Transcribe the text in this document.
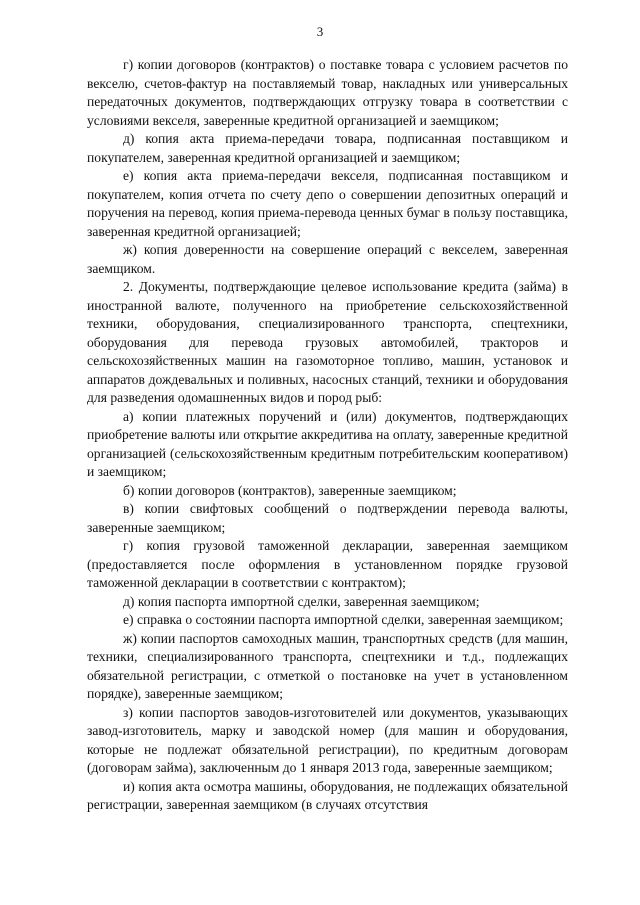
3

г) копии договоров (контрактов) о поставке товара с условием расчетов по векселю, счетов-фактур на поставляемый товар, накладных или универсальных передаточных документов, подтверждающих отгрузку товара в соответствии с условиями векселя, заверенные кредитной организацией и заемщиком;

д) копия акта приема-передачи товара, подписанная поставщиком и покупателем, заверенная кредитной организацией и заемщиком;

е) копия акта приема-передачи векселя, подписанная поставщиком и покупателем, копия отчета по счету депо о совершении депозитных операций и поручения на перевод, копия приема-перевода ценных бумаг в пользу поставщика, заверенная кредитной организацией;

ж) копия доверенности на совершение операций с векселем, заверенная заемщиком.

2. Документы, подтверждающие целевое использование кредита (займа) в иностранной валюте, полученного на приобретение сельскохозяйственной техники, оборудования, специализированного транспорта, спецтехники, оборудования для перевода грузовых автомобилей, тракторов и сельскохозяйственных машин на газомоторное топливо, машин, установок и аппаратов дождевальных и поливных, насосных станций, техники и оборудования для разведения одомашненных видов и пород рыб:

а) копии платежных поручений и (или) документов, подтверждающих приобретение валюты или открытие аккредитива на оплату, заверенные кредитной организацией (сельскохозяйственным кредитным потребительским кооперативом) и заемщиком;

б) копии договоров (контрактов), заверенные заемщиком;

в) копии свифтовых сообщений о подтверждении перевода валюты, заверенные заемщиком;

г) копия грузовой таможенной декларации, заверенная заемщиком (предоставляется после оформления в установленном порядке грузовой таможенной декларации в соответствии с контрактом);

д) копия паспорта импортной сделки, заверенная заемщиком;

е) справка о состоянии паспорта импортной сделки, заверенная заемщиком;

ж) копии паспортов самоходных машин, транспортных средств (для машин, техники, специализированного транспорта, спецтехники и т.д., подлежащих обязательной регистрации, с отметкой о постановке на учет в установленном порядке), заверенные заемщиком;

з) копии паспортов заводов-изготовителей или документов, указывающих завод-изготовитель, марку и заводской номер (для машин и оборудования, которые не подлежат обязательной регистрации), по кредитным договорам (договорам займа), заключенным до 1 января 2013 года, заверенные заемщиком;

и) копия акта осмотра машины, оборудования, не подлежащих обязательной регистрации, заверенная заемщиком (в случаях отсутствия
